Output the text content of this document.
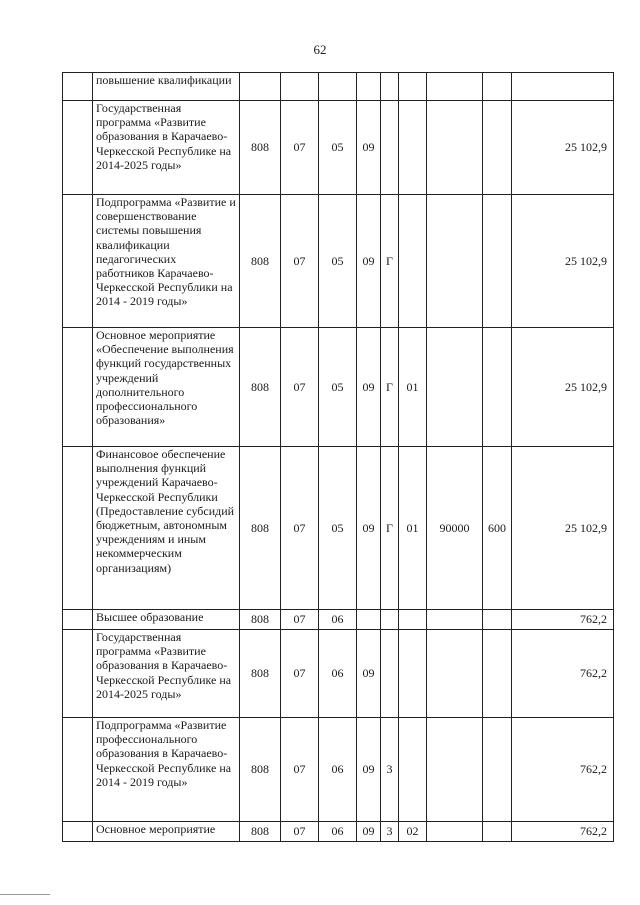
62
	повышение квалификации									
	Государственная программа «Развитие образования в Карачаево-Черкесской Республике на 2014-2025 годы»	808	07	05	09					25 102,9
	Подпрограмма «Развитие и совершенствование системы повышения квалификации педагогических работников Карачаево-Черкесской Республики на 2014 - 2019 годы»	808	07	05	09	Г				25 102,9
	Основное мероприятие «Обеспечение выполнения функций государственных учреждений дополнительного профессионального образования»	808	07	05	09	Г	01			25 102,9
	Финансовое обеспечение выполнения функций учреждений Карачаево-Черкесской Республики (Предоставление субсидий бюджетным, автономным учреждениям и иным некоммерческим организациям)	808	07	05	09	Г	01	90000	600	25 102,9
	Высшее образование	808	07	06						762,2
	Государственная программа «Развитие образования в Карачаево-Черкесской Республике на 2014-2025 годы»	808	07	06	09					762,2
	Подпрограмма «Развитие профессионального образования в Карачаево-Черкесской Республике на 2014 - 2019 годы»	808	07	06	09	3				762,2
	Основное мероприятие	808	07	06	09	3	02			762,2
